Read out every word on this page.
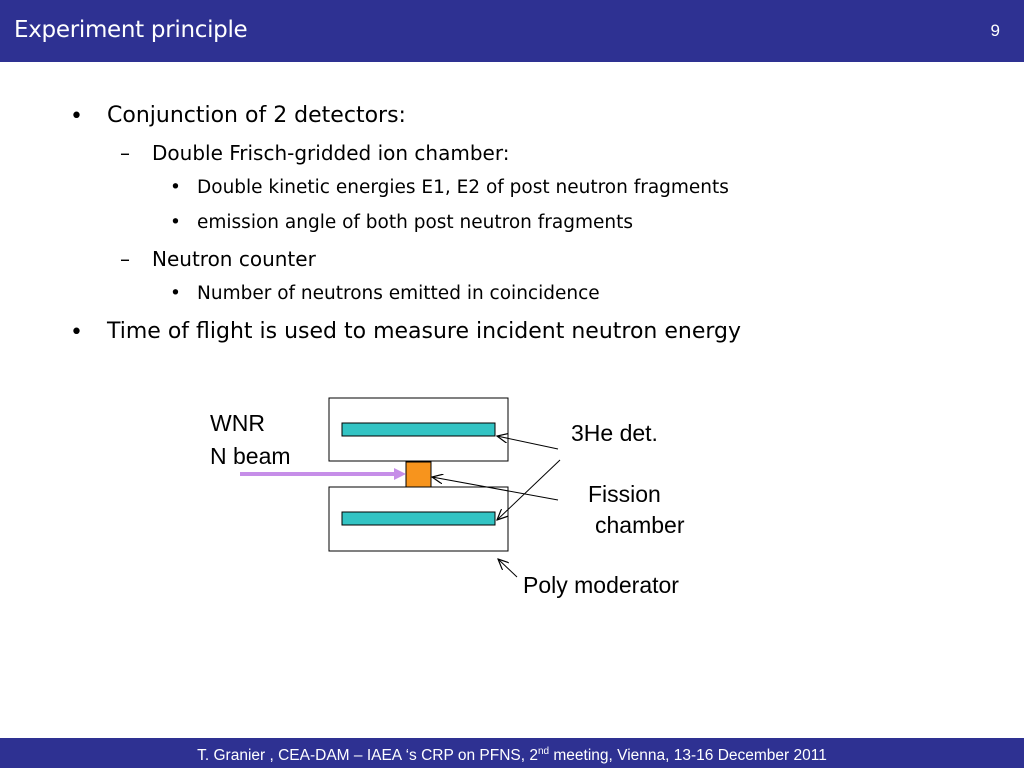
Experiment principle	9
• Conjunction of 2 detectors:
– Double Frisch-gridded ion chamber:
• Double kinetic energies E1, E2 of post neutron fragments
• emission angle of both post neutron fragments
– Neutron counter
• Number of neutrons emitted in coincidence
• Time of flight is used to measure incident neutron energy
WNR
N beam
3He det.
Fission
chamber
Poly moderator
T. Granier , CEA-DAM – IAEA ‘s CRP on PFNS, 2nd meeting, Vienna, 13-16 December 2011
